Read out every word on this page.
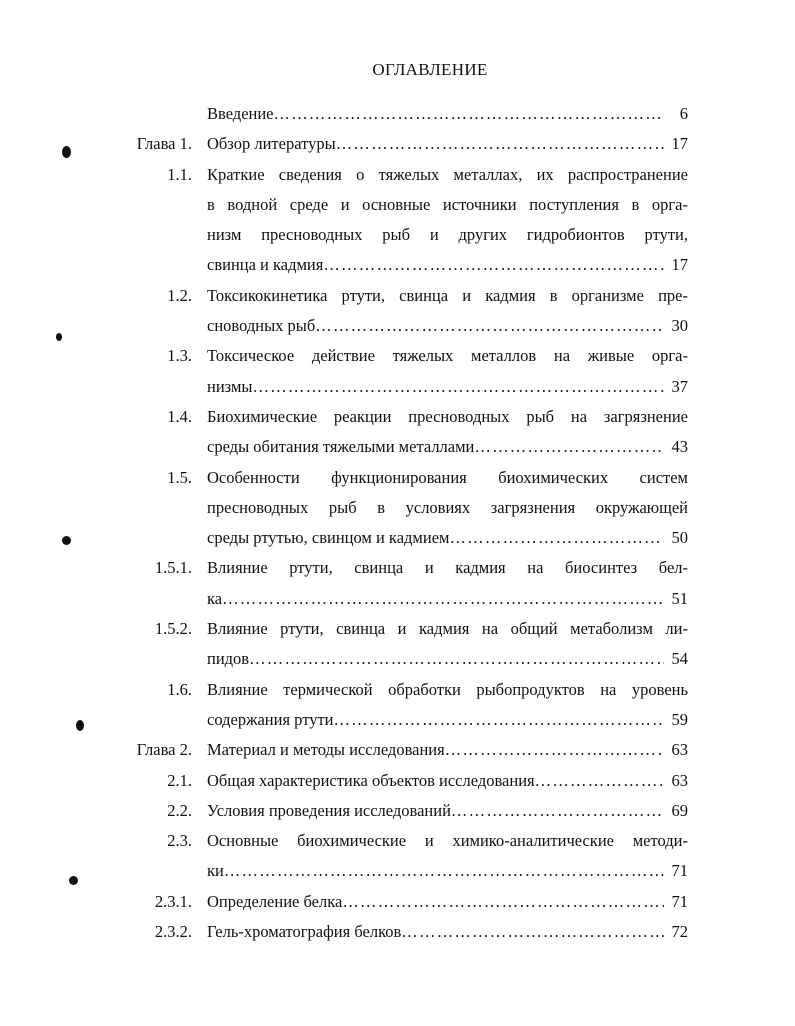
ОГЛАВЛЕНИЕ
Введение …………………………………………………………………………………………………………………………………………………………	6
Глава 1. Обзор литературы …………………………………………………………………………………………………………………………………………………………	17
1.1. Краткие сведения о тяжелых металлах, их распространение
в водной среде и основные источники поступления в орга-
низм пресноводных рыб и других гидробионтов ртути,
свинца и кадмия …………………………………………………………………………………………………………………………………………………………	17
1.2. Токсикокинетика ртути, свинца и кадмия в организме пре-
сноводных рыб …………………………………………………………………………………………………………………………………………………………	30
1.3. Токсическое действие тяжелых металлов на живые орга-
низмы …………………………………………………………………………………………………………………………………………………………	37
1.4. Биохимические реакции пресноводных рыб на загрязнение
среды обитания тяжелыми металлами …………………………………………………………………………………………………………………………………………………………	43
1.5. Особенности функционирования биохимических систем
пресноводных рыб в условиях загрязнения окружающей
среды ртутью, свинцом и кадмием …………………………………………………………………………………………………………………………………………………………	50
1.5.1. Влияние ртути, свинца и кадмия на биосинтез бел-
ка …………………………………………………………………………………………………………………………………………………………	51
1.5.2. Влияние ртути, свинца и кадмия на общий метаболизм ли-
пидов …………………………………………………………………………………………………………………………………………………………	54
1.6. Влияние термической обработки рыбопродуктов на уровень
содержания ртути …………………………………………………………………………………………………………………………………………………………	59
Глава 2. Материал и методы исследования …………………………………………………………………………………………………………………………………………………………	63
2.1. Общая характеристика объектов исследования …………………………………………………………………………………………………………………………………………………………	63
2.2. Условия проведения исследований …………………………………………………………………………………………………………………………………………………………	69
2.3. Основные биохимические и химико-аналитические методи-
ки …………………………………………………………………………………………………………………………………………………………	71
2.3.1. Определение белка …………………………………………………………………………………………………………………………………………………………	71
2.3.2. Гель-хроматография белков …………………………………………………………………………………………………………………………………………………………	72
